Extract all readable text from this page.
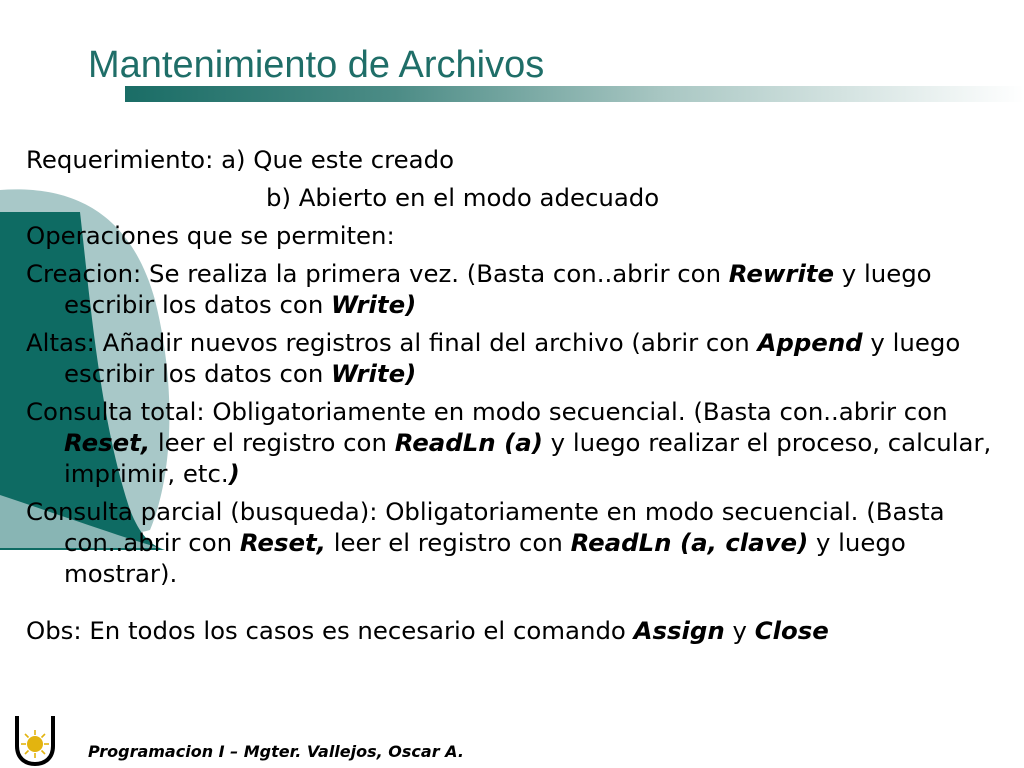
Mantenimiento de Archivos

Requerimiento: a) Que este creado

b) Abierto en el modo adecuado

Operaciones que se permiten:

Creacion: Se realiza la primera vez. (Basta con..abrir con Rewrite y luego escribir los datos con Write)

Altas: Añadir nuevos registros al final del archivo (abrir con Append y luego escribir los datos con Write)

Consulta total: Obligatoriamente en modo secuencial. (Basta con..abrir con Reset, leer el registro con ReadLn (a) y luego realizar el proceso, calcular, imprimir, etc.)

Consulta parcial (busqueda): Obligatoriamente en modo secuencial. (Basta con..abrir con Reset, leer el registro con ReadLn (a, clave) y luego mostrar).

Obs: En todos los casos es necesario el comando Assign y Close

Programacion I – Mgter. Vallejos, Oscar A.
